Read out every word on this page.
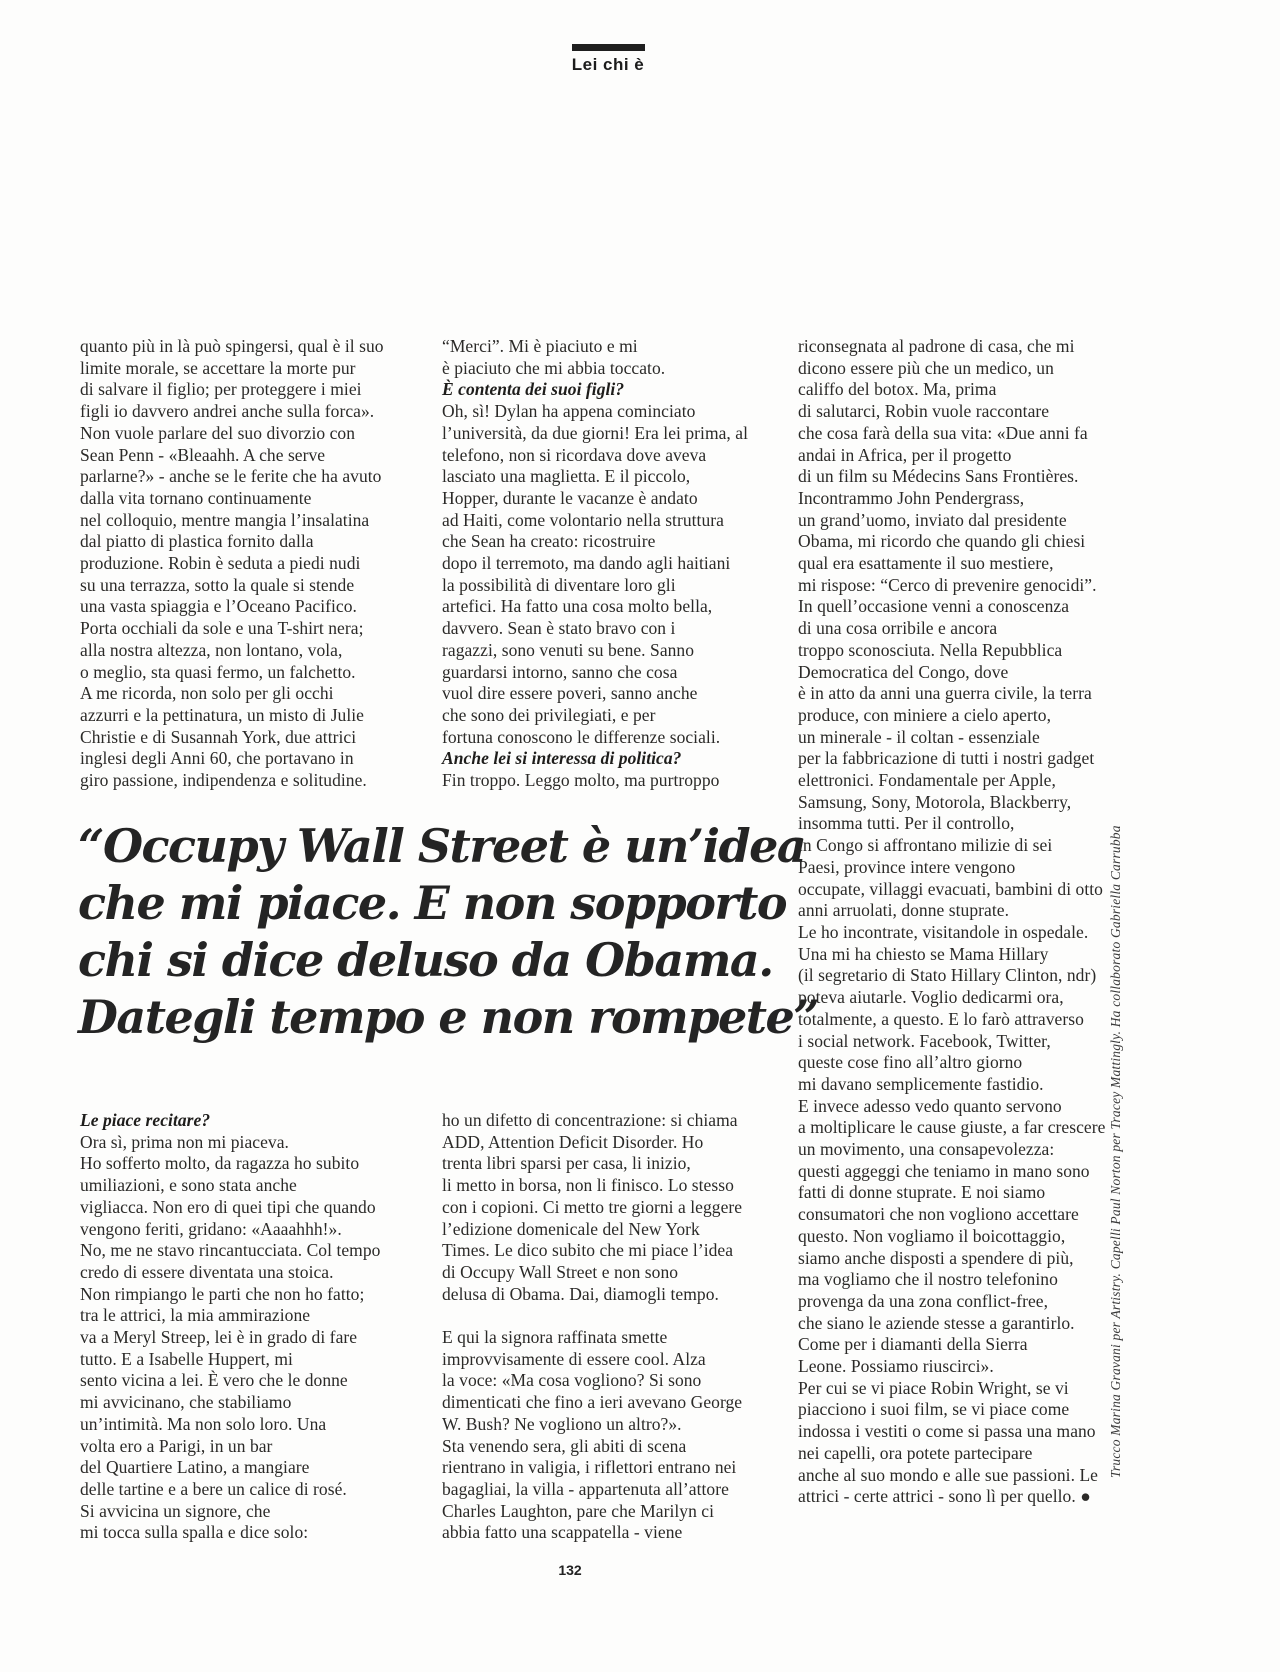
Lei chi è
quanto più in là può spingersi, qual è il suo
limite morale, se accettare la morte pur
di salvare il figlio; per proteggere i miei
figli io davvero andrei anche sulla forca».
Non vuole parlare del suo divorzio con
Sean Penn - «Bleaahh. A che serve
parlarne?» - anche se le ferite che ha avuto
dalla vita tornano continuamente
nel colloquio, mentre mangia l’insalatina
dal piatto di plastica fornito dalla
produzione. Robin è seduta a piedi nudi
su una terrazza, sotto la quale si stende
una vasta spiaggia e l’Oceano Pacifico.
Porta occhiali da sole e una T-shirt nera;
alla nostra altezza, non lontano, vola,
o meglio, sta quasi fermo, un falchetto.
A me ricorda, non solo per gli occhi
azzurri e la pettinatura, un misto di Julie
Christie e di Susannah York, due attrici
inglesi degli Anni 60, che portavano in
giro passione, indipendenza e solitudine.
“Merci”. Mi è piaciuto e mi
è piaciuto che mi abbia toccato.
È contenta dei suoi figli?
Oh, sì! Dylan ha appena cominciato
l’università, da due giorni! Era lei prima, al
telefono, non si ricordava dove aveva
lasciato una maglietta. E il piccolo,
Hopper, durante le vacanze è andato
ad Haiti, come volontario nella struttura
che Sean ha creato: ricostruire
dopo il terremoto, ma dando agli haitiani
la possibilità di diventare loro gli
artefici. Ha fatto una cosa molto bella,
davvero. Sean è stato bravo con i
ragazzi, sono venuti su bene. Sanno
guardarsi intorno, sanno che cosa
vuol dire essere poveri, sanno anche
che sono dei privilegiati, e per
fortuna conoscono le differenze sociali.
Anche lei si interessa di politica?
Fin troppo. Leggo molto, ma purtroppo
riconsegnata al padrone di casa, che mi
dicono essere più che un medico, un
califfo del botox. Ma, prima
di salutarci, Robin vuole raccontare
che cosa farà della sua vita: «Due anni fa
andai in Africa, per il progetto
di un film su Médecins Sans Frontières.
Incontrammo John Pendergrass,
un grand’uomo, inviato dal presidente
Obama, mi ricordo che quando gli chiesi
qual era esattamente il suo mestiere,
mi rispose: “Cerco di prevenire genocidi”.
In quell’occasione venni a conoscenza
di una cosa orribile e ancora
troppo sconosciuta. Nella Repubblica
Democratica del Congo, dove
è in atto da anni una guerra civile, la terra
produce, con miniere a cielo aperto,
un minerale - il coltan - essenziale
per la fabbricazione di tutti i nostri gadget
elettronici. Fondamentale per Apple,
Samsung, Sony, Motorola, Blackberry,
insomma tutti. Per il controllo,
in Congo si affrontano milizie di sei
Paesi, province intere vengono
occupate, villaggi evacuati, bambini di otto
anni arruolati, donne stuprate.
Le ho incontrate, visitandole in ospedale.
Una mi ha chiesto se Mama Hillary
(il segretario di Stato Hillary Clinton, ndr)
poteva aiutarle. Voglio dedicarmi ora,
totalmente, a questo. E lo farò attraverso
i social network. Facebook, Twitter,
queste cose fino all’altro giorno
mi davano semplicemente fastidio.
E invece adesso vedo quanto servono
a moltiplicare le cause giuste, a far crescere
un movimento, una consapevolezza:
questi aggeggi che teniamo in mano sono
fatti di donne stuprate. E noi siamo
consumatori che non vogliono accettare
questo. Non vogliamo il boicottaggio,
siamo anche disposti a spendere di più,
ma vogliamo che il nostro telefonino
provenga da una zona conflict-free,
che siano le aziende stesse a garantirlo.
Come per i diamanti della Sierra
Leone. Possiamo riuscirci».
Per cui se vi piace Robin Wright, se vi
piacciono i suoi film, se vi piace come
indossa i vestiti o come si passa una mano
nei capelli, ora potete partecipare
anche al suo mondo e alle sue passioni. Le
attrici - certe attrici - sono lì per quello. ●
“Occupy Wall Street è un’idea
che mi piace. E non sopporto
chi si dice deluso da Obama.
Dategli tempo e non rompete”
Le piace recitare?
Ora sì, prima non mi piaceva.
Ho sofferto molto, da ragazza ho subito
umiliazioni, e sono stata anche
vigliacca. Non ero di quei tipi che quando
vengono feriti, gridano: «Aaaahhh!».
No, me ne stavo rincantucciata. Col tempo
credo di essere diventata una stoica.
Non rimpiango le parti che non ho fatto;
tra le attrici, la mia ammirazione
va a Meryl Streep, lei è in grado di fare
tutto. E a Isabelle Huppert, mi
sento vicina a lei. È vero che le donne
mi avvicinano, che stabiliamo
un’intimità. Ma non solo loro. Una
volta ero a Parigi, in un bar
del Quartiere Latino, a mangiare
delle tartine e a bere un calice di rosé.
Si avvicina un signore, che
mi tocca sulla spalla e dice solo:
ho un difetto di concentrazione: si chiama
ADD, Attention Deficit Disorder. Ho
trenta libri sparsi per casa, li inizio,
li metto in borsa, non li finisco. Lo stesso
con i copioni. Ci metto tre giorni a leggere
l’edizione domenicale del New York
Times. Le dico subito che mi piace l’idea
di Occupy Wall Street e non sono
delusa di Obama. Dai, diamogli tempo.

E qui la signora raffinata smette
improvvisamente di essere cool. Alza
la voce: «Ma cosa vogliono? Si sono
dimenticati che fino a ieri avevano George
W. Bush? Ne vogliono un altro?».
Sta venendo sera, gli abiti di scena
rientrano in valigia, i riflettori entrano nei
bagagliai, la villa - appartenuta all’attore
Charles Laughton, pare che Marilyn ci
abbia fatto una scappatella - viene
Trucco Marina Gravani per Artistry. Capelli Paul Norton per Tracey Mattingly. Ha collaborato Gabriella Carrubba
132
